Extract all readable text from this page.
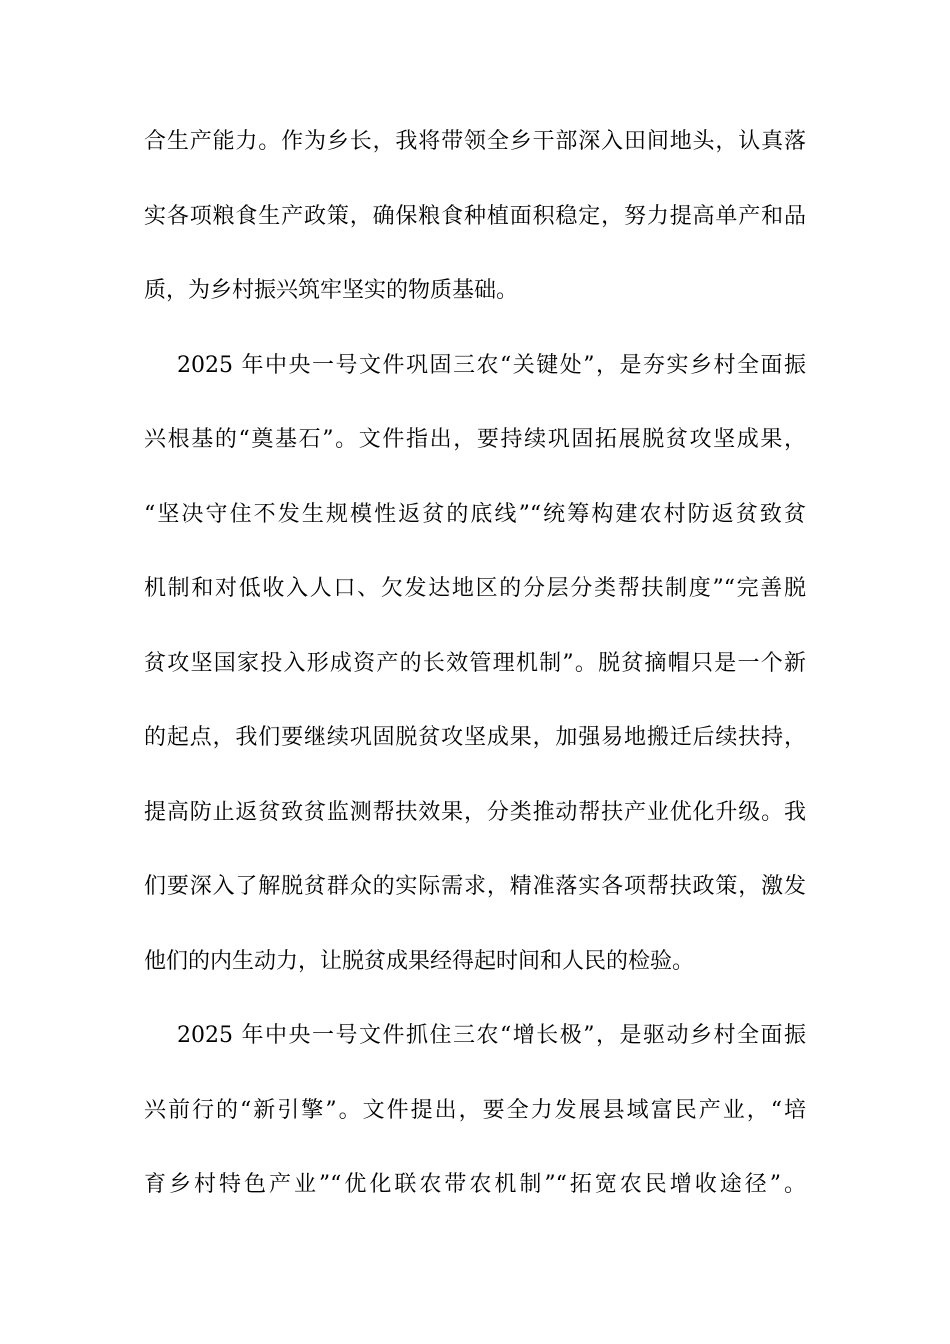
合生产能力。作为乡长，我将带领全乡干部深入田间地头，认真落
实各项粮食生产政策，确保粮食种植面积稳定，努力提高单产和品
质，为乡村振兴筑牢坚实的物质基础。
2025 年中央一号文件巩固三农“关键处”，是夯实乡村全面振
兴根基的“奠基石”。文件指出，要持续巩固拓展脱贫攻坚成果，
“坚决守住不发生规模性返贫的底线”“统筹构建农村防返贫致贫
机制和对低收入人口、欠发达地区的分层分类帮扶制度”“完善脱
贫攻坚国家投入形成资产的长效管理机制”。脱贫摘帽只是一个新
的起点，我们要继续巩固脱贫攻坚成果，加强易地搬迁后续扶持，
提高防止返贫致贫监测帮扶效果，分类推动帮扶产业优化升级。我
们要深入了解脱贫群众的实际需求，精准落实各项帮扶政策，激发
他们的内生动力，让脱贫成果经得起时间和人民的检验。
2025 年中央一号文件抓住三农“增长极”，是驱动乡村全面振
兴前行的“新引擎”。文件提出，要全力发展县域富民产业，“培
育乡村特色产业”“优化联农带农机制”“拓宽农民增收途径”。
